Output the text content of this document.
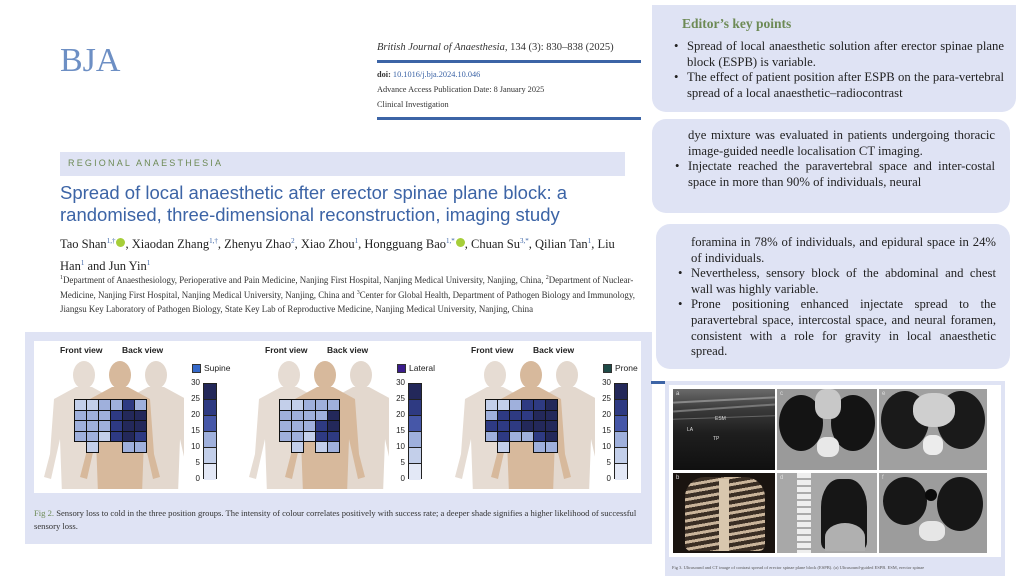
BJA	British Journal of Anaesthesia, 134 (3): 830–838 (2025)
doi: 10.1016/j.bja.2024.10.046
Advance Access Publication Date: 8 January 2025
Clinical Investigation
REGIONAL ANAESTHESIA
Spread of local anaesthetic after erector spinae plane block: a randomised, three-dimensional reconstruction, imaging study
Tao Shan$^{1,\dagger}$ , Xiaodan Zhang$^{1,\dagger}$, Zhenyu Zhao$^2$, Xiao Zhou$^1$, Hongguang Bao$^{1,*}$ , Chuan $Su^{3,*}$, Qilian Tan$^1$, Liu Han$^1$ and Jun Yin$^1$
$^1$Department of Anaesthesiology, Perioperative and Pain Medicine, Nanjing First Hospital, Nanjing Medical University, Nanjing, China, $^2$Department of Nuclear-Medicine, Nanjing First Hospital, Nanjing Medical University, Nanjing, China and $^3$Center for Global Health, Department of Pathogen Biology and Immunology, Jiangsu Key Laboratory of Pathogen Biology, State Key Lab of Reproductive Medicine, Nanjing Medical University, Nanjing, China
Front view Back view

Supine
30
25
20
15
10
5
0
Front view Back view

Lateral
30
25
20
15
10
5
0
Front view Back view

Prone
30
25
20
15
10
5
0
Fig 2. Sensory loss to cold in the three position groups. The intensity of colour correlates positively with success rate; a deeper shade signifies a higher likelihood of successful sensory loss.
Editor’s key points
• Spread of local anaesthetic solution after erector spinae plane block (ESPB) is variable.
• The effect of patient position after ESPB on the para-vertebral spread of a local anaesthetic–radiocontrast
dye mixture was evaluated in patients undergoing thoracic image-guided needle localisation CT imaging.
• Injectate reached the paravertebral space and inter-costal space in more than 90% of individuals, neural
foramina in 78% of individuals, and epidural space in 24% of individuals.
• Nevertheless, sensory block of the abdominal and chest wall was highly variable.
• Prone positioning enhanced injectate spread to the paravertebral space, intercostal space, and neural foramen, consistent with a role for gravity in local anaesthetic spread.
a
ESM
LA
TP
b
c
d
e
f
Fig 3. Ultrasound and CT image of contrast spread of erector spinae plane block (ESPB). (a) Ultrasound-guided ESPB. ESM, erector spinae
